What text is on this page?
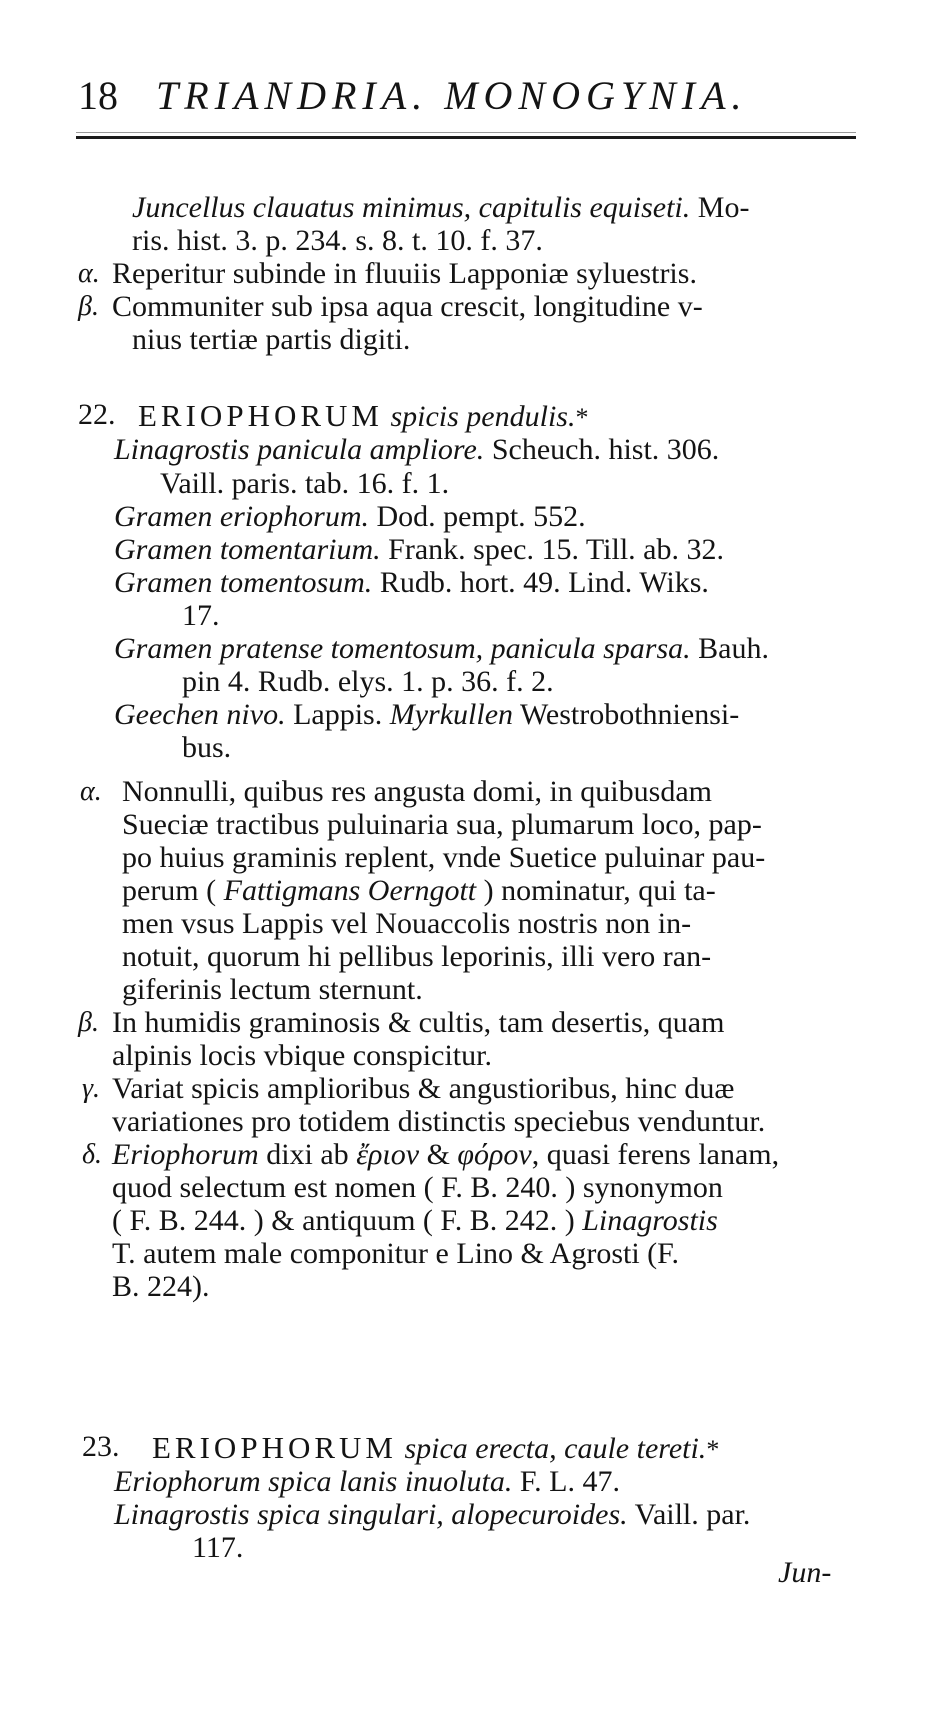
18 TRIANDRIA. MONOGYNIA.
22.
23.
Juncellus clauatus minimus, capitulis equiseti. Mo-
ris. hist. 3. p. 234. s. 8. t. 10. f. 37.
α. Reperitur subinde in fluuiis Lapponiæ syluestris.
β. Communiter sub ipsa aqua crescit, longitudine v-
nius tertiæ partis digiti.
ERIOPHORUM spicis pendulis.*
Linagrostis panicula ampliore. Scheuch. hist. 306.
Vaill. paris. tab. 16. f. 1.
Gramen eriophorum. Dod. pempt. 552.
Gramen tomentarium. Frank. spec. 15. Till. ab. 32.
Gramen tomentosum. Rudb. hort. 49. Lind. Wiks.
17.
Gramen pratense tomentosum, panicula sparsa. Bauh.
pin 4. Rudb. elys. 1. p. 36. f. 2.
Geechen nivo. Lappis. Myrkullen Westrobothniensi-
bus.
α. Nonnulli, quibus res angusta domi, in quibusdam
Sueciæ tractibus puluinaria sua, plumarum loco, pap-
po huius graminis replent, vnde Suetice puluinar pau-
perum ( Fattigmans Oerngott ) nominatur, qui ta-
men vsus Lappis vel Nouaccolis nostris non in-
notuit, quorum hi pellibus leporinis, illi vero ran-
giferinis lectum sternunt.
β. In humidis graminosis & cultis, tam desertis, quam
alpinis locis vbique conspicitur.
γ. Variat spicis amplioribus & angustioribus, hinc duæ
variationes pro totidem distinctis speciebus venduntur.
δ. Eriophorum dixi ab ἔριον & φόρον, quasi ferens lanam,
quod selectum est nomen ( F. B. 240. ) synonymon
( F. B. 244. ) & antiquum ( F. B. 242. ) Linagrostis
T. autem male componitur e Lino & Agrosti (F.
B. 224).
ERIOPHORUM spica erecta, caule tereti.*
Eriophorum spica lanis inuoluta. F. L. 47.
Linagrostis spica singulari, alopecuroides. Vaill. par.
117.
Jun-
